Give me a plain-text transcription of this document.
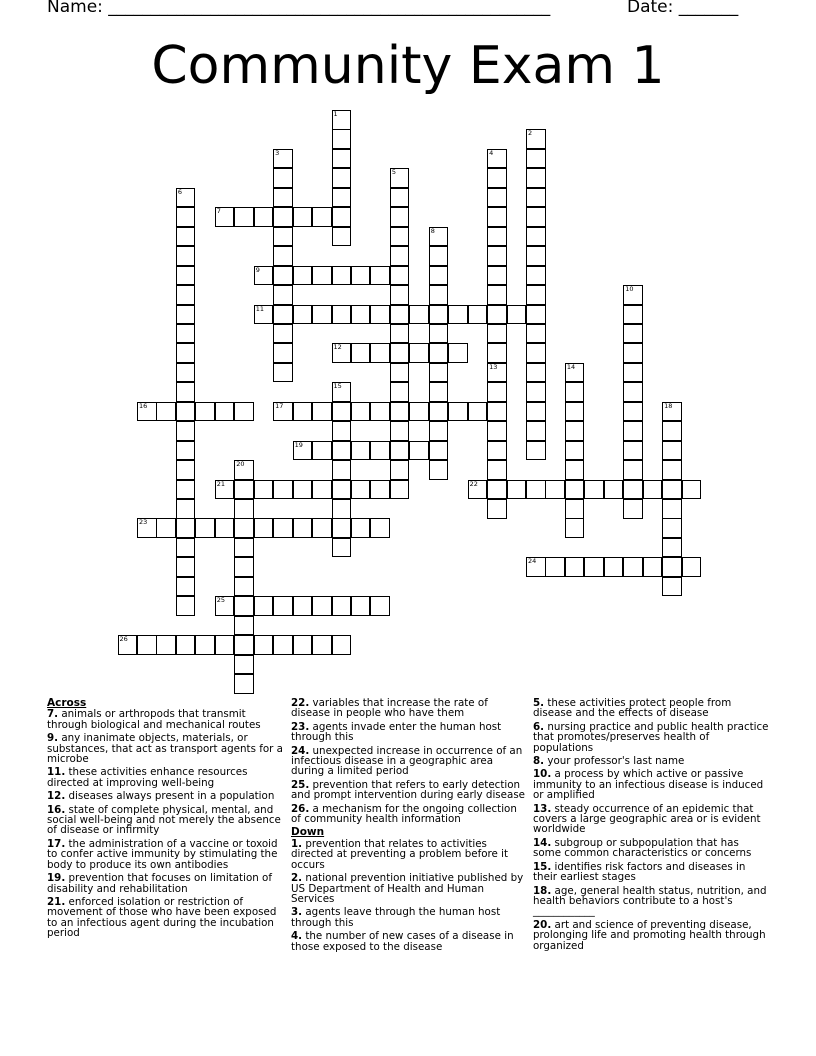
Name: ____________________________________________________	Date: _______
Community Exam 1
1
2
3	4
5
6
7
8
9
10
11
12
13	14
15
16	17	18
19
20
21	22
23
24
25
26
Across
7. animals or arthropods that transmit through biological and mechanical routes
9. any inanimate objects, materials, or substances, that act as transport agents for a microbe
11. these activities enhance resources directed at improving well-being
12. diseases always present in a population
16. state of complete physical, mental, and social well-being and not merely the absence of disease or infirmity
17. the administration of a vaccine or toxoid to confer active immunity by stimulating the body to produce its own antibodies
19. prevention that focuses on limitation of disability and rehabilitation
21. enforced isolation or restriction of movement of those who have been exposed to an infectious agent during the incubation period
22. variables that increase the rate of disease in people who have them
23. agents invade enter the human host through this
24. unexpected increase in occurrence of an infectious disease in a geographic area during a limited period
25. prevention that refers to early detection and prompt intervention during early disease
26. a mechanism for the ongoing collection of community health information
Down
1. prevention that relates to activities directed at preventing a problem before it occurs
2. national prevention initiative published by US Department of Health and Human Services
3. agents leave through the human host through this
4. the number of new cases of a disease in those exposed to the disease
5. these activities protect people from disease and the effects of disease
6. nursing practice and public health practice that promotes/preserves health of populations
8. your professor's last name
10. a process by which active or passive immunity to an infectious disease is induced or amplified
13. steady occurrence of an epidemic that covers a large geographic area or is evident worldwide
14. subgroup or subpopulation that has some common characteristics or concerns
15. identifies risk factors and diseases in their earliest stages
18. age, general health status, nutrition, and health behaviors contribute to a host's ____________
20. art and science of preventing disease, prolonging life and promoting health through organized
